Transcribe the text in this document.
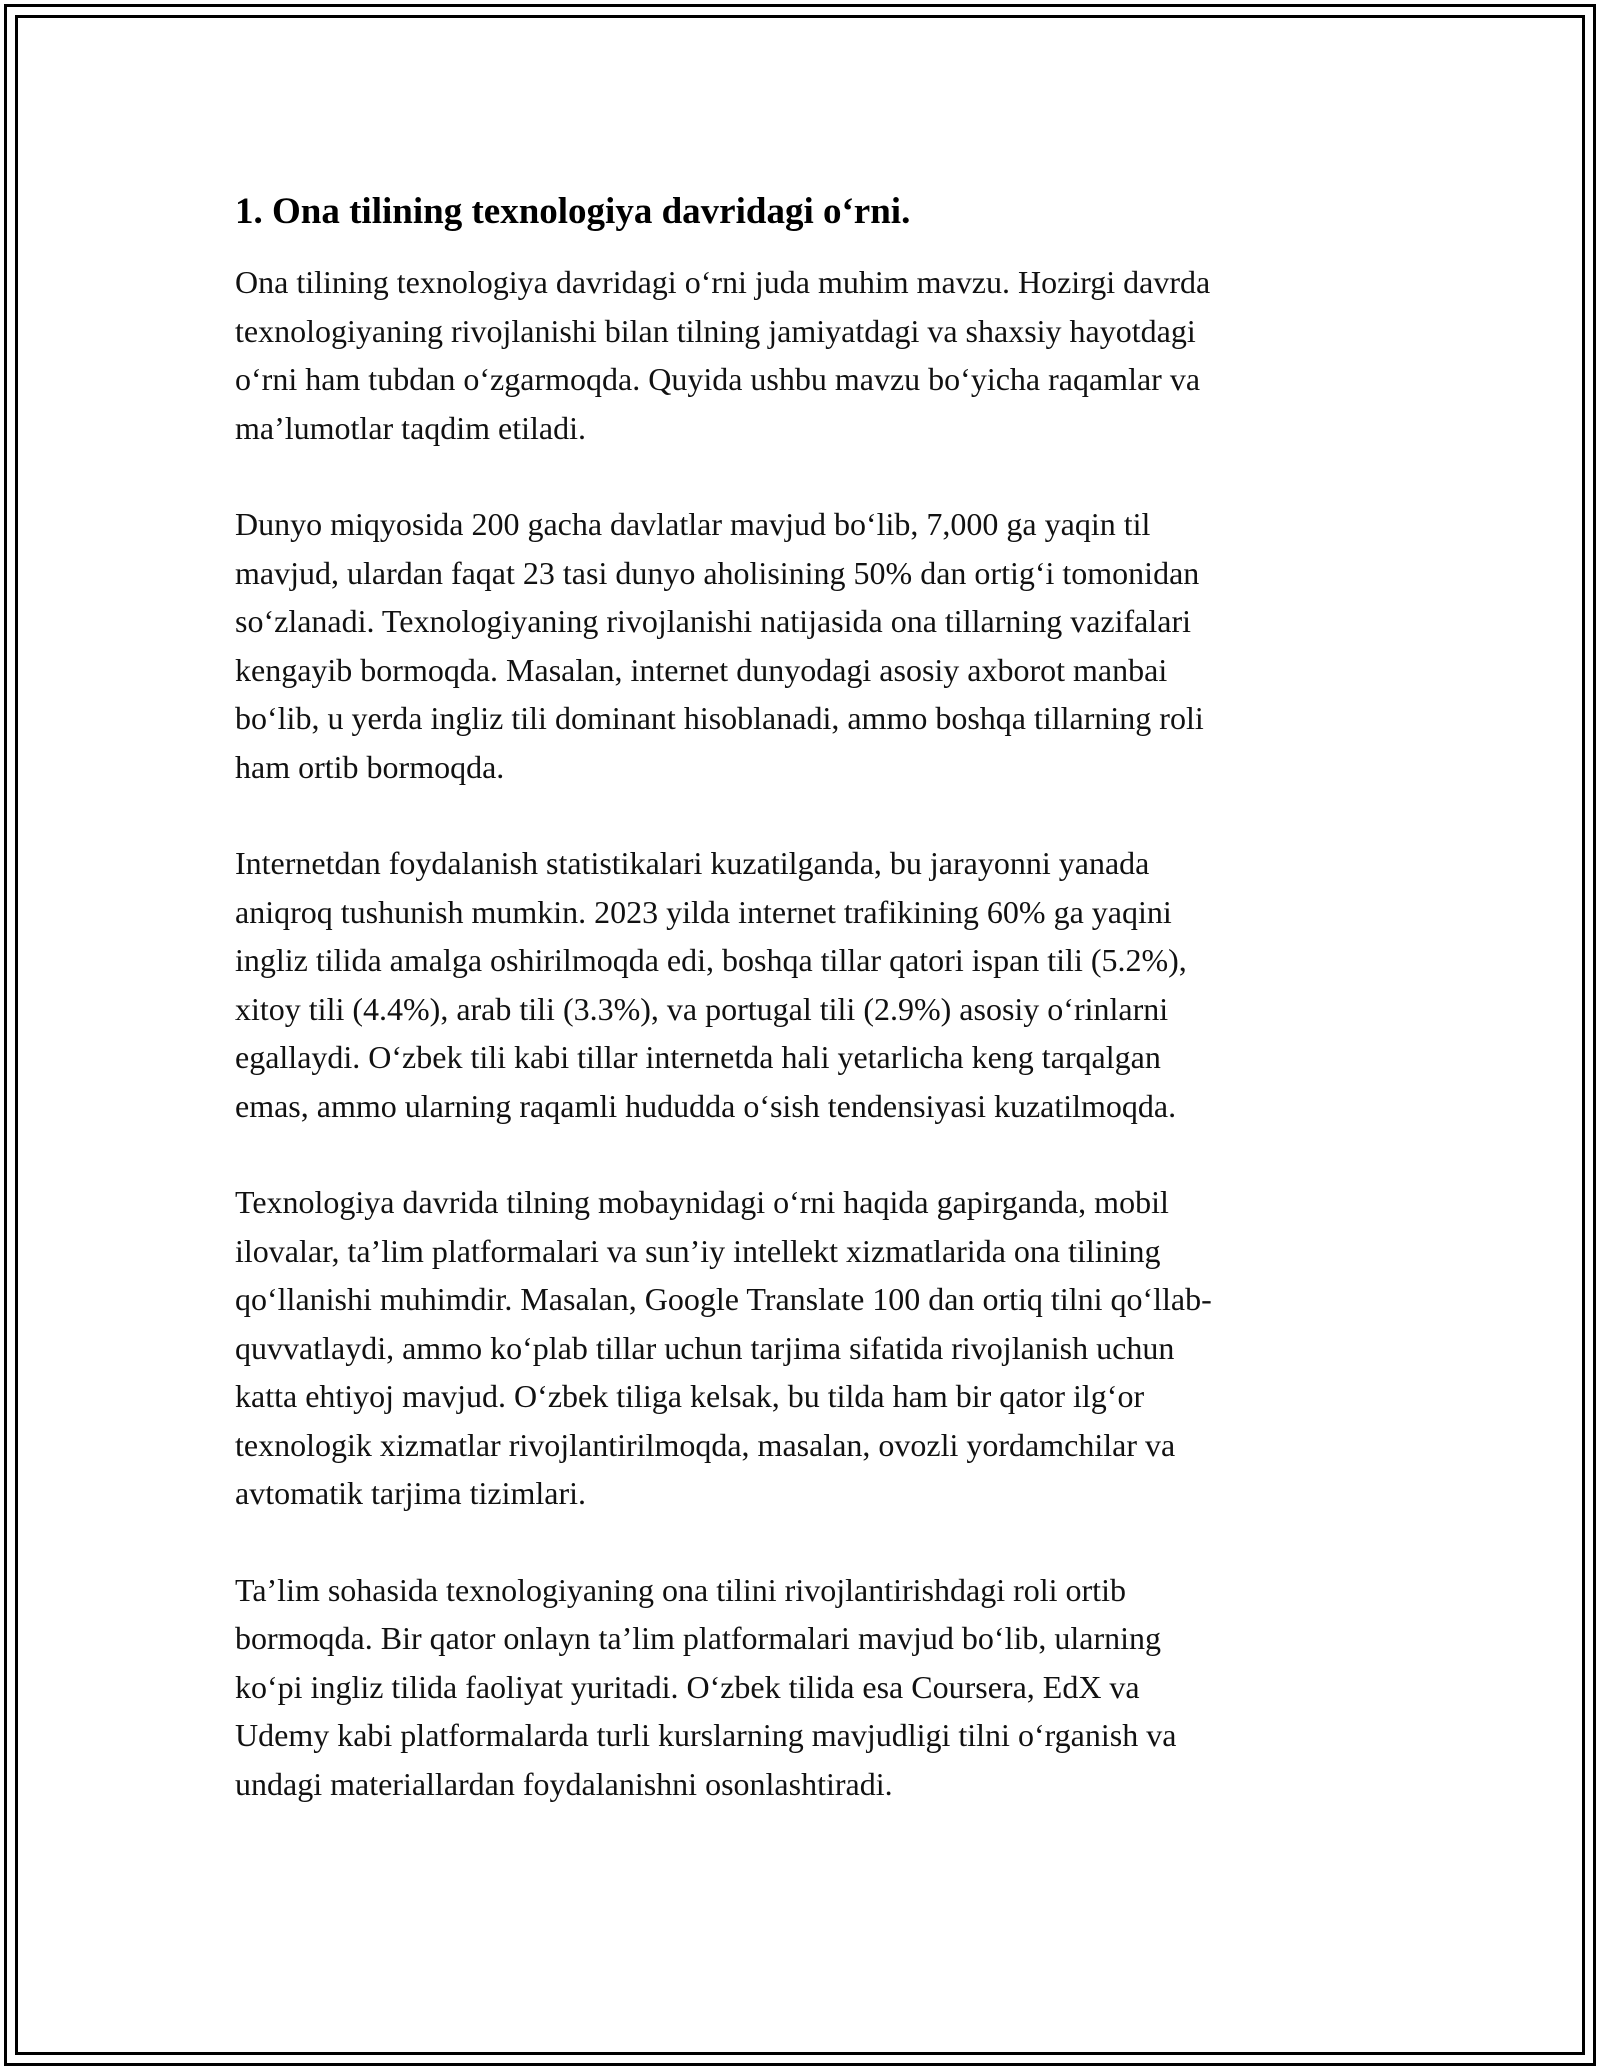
1. Ona tilining texnologiya davridagi o‘rni.

Ona tilining texnologiya davridagi o‘rni juda muhim mavzu. Hozirgi davrda
texnologiyaning rivojlanishi bilan tilning jamiyatdagi va shaxsiy hayotdagi
o‘rni ham tubdan o‘zgarmoqda. Quyida ushbu mavzu bo‘yicha raqamlar va
ma’lumotlar taqdim etiladi.

Dunyo miqyosida 200 gacha davlatlar mavjud bo‘lib, 7,000 ga yaqin til
mavjud, ulardan faqat 23 tasi dunyo aholisining 50% dan ortig‘i tomonidan
so‘zlanadi. Texnologiyaning rivojlanishi natijasida ona tillarning vazifalari
kengayib bormoqda. Masalan, internet dunyodagi asosiy axborot manbai
bo‘lib, u yerda ingliz tili dominant hisoblanadi, ammo boshqa tillarning roli
ham ortib bormoqda.

Internetdan foydalanish statistikalari kuzatilganda, bu jarayonni yanada
aniqroq tushunish mumkin. 2023 yilda internet trafikining 60% ga yaqini
ingliz tilida amalga oshirilmoqda edi, boshqa tillar qatori ispan tili (5.2%),
xitoy tili (4.4%), arab tili (3.3%), va portugal tili (2.9%) asosiy o‘rinlarni
egallaydi. O‘zbek tili kabi tillar internetda hali yetarlicha keng tarqalgan
emas, ammo ularning raqamli hududda o‘sish tendensiyasi kuzatilmoqda.

Texnologiya davrida tilning mobaynidagi o‘rni haqida gapirganda, mobil
ilovalar, ta’lim platformalari va sun’iy intellekt xizmatlarida ona tilining
qo‘llanishi muhimdir. Masalan, Google Translate 100 dan ortiq tilni qo‘llab-
quvvatlaydi, ammo ko‘plab tillar uchun tarjima sifatida rivojlanish uchun
katta ehtiyoj mavjud. O‘zbek tiliga kelsak, bu tilda ham bir qator ilg‘or
texnologik xizmatlar rivojlantirilmoqda, masalan, ovozli yordamchilar va
avtomatik tarjima tizimlari.

Ta’lim sohasida texnologiyaning ona tilini rivojlantirishdagi roli ortib
bormoqda. Bir qator onlayn ta’lim platformalari mavjud bo‘lib, ularning
ko‘pi ingliz tilida faoliyat yuritadi. O‘zbek tilida esa Coursera, EdX va
Udemy kabi platformalarda turli kurslarning mavjudligi tilni o‘rganish va
undagi materiallardan foydalanishni osonlashtiradi.
